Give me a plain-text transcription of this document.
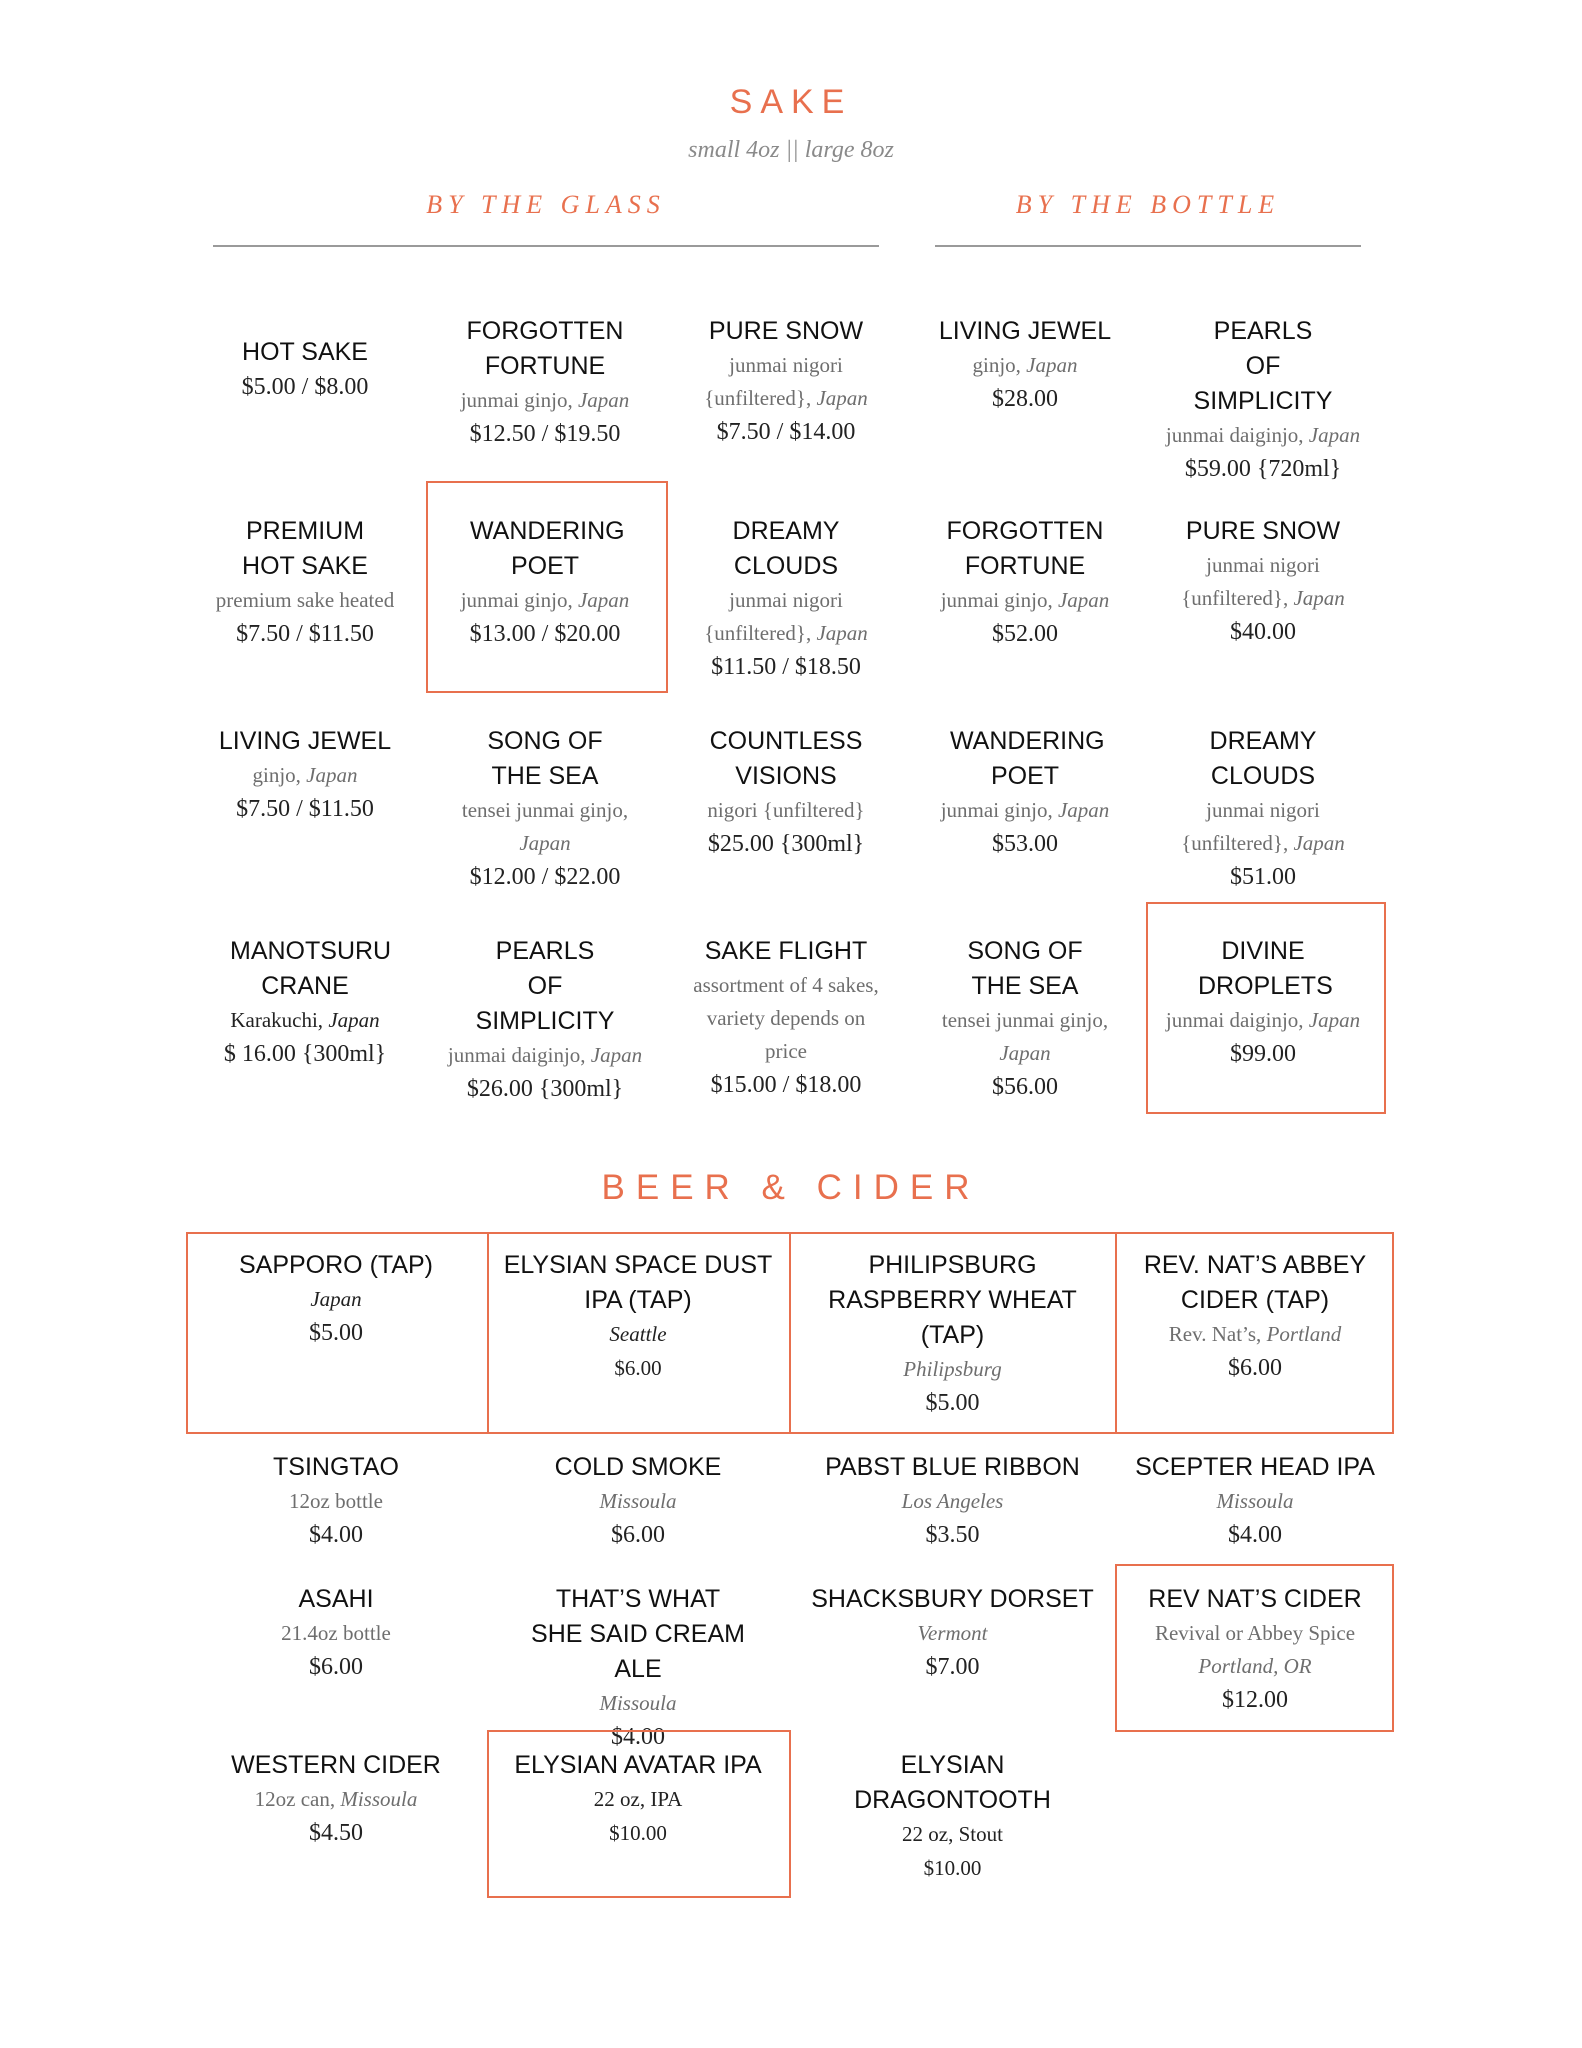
SAKE
small 4oz || large 8oz
BY THE GLASS	BY THE BOTTLE
HOT SAKE
$5.00 / $8.00
FORGOTTEN FORTUNE
junmai ginjo, Japan
$12.50 / $19.50
PURE SNOW
junmai nigori
{unfiltered}, Japan
$7.50 / $14.00
LIVING JEWEL
ginjo, Japan
$28.00
PEARLS OF SIMPLICITY
junmai daiginjo, Japan
$59.00 {720ml}
PREMIUM HOT SAKE
premium sake heated
$7.50 / $11.50
WANDERING POET
junmai ginjo, Japan
$13.00 / $20.00
DREAMY CLOUDS
junmai nigori
{unfiltered}, Japan
$11.50 / $18.50
FORGOTTEN FORTUNE
junmai ginjo, Japan
$52.00
PURE SNOW
junmai nigori
{unfiltered}, Japan
$40.00
LIVING JEWEL
ginjo, Japan
$7.50 / $11.50
SONG OF THE SEA
tensei junmai ginjo,
Japan
$12.00 / $22.00
COUNTLESS VISIONS
nigori {unfiltered}
$25.00 {300ml}
WANDERING POET
junmai ginjo, Japan
$53.00
DREAMY CLOUDS
junmai nigori
{unfiltered}, Japan
$51.00
MANOTSURU CRANE
Karakuchi, Japan
$ 16.00 {300ml}
PEARLS OF SIMPLICITY
junmai daiginjo, Japan
$26.00 {300ml}
SAKE FLIGHT
assortment of 4 sakes, variety depends on price
$15.00 / $18.00
SONG OF THE SEA
tensei junmai ginjo,
Japan
$56.00
DIVINE DROPLETS
junmai daiginjo, Japan
$99.00
BEER & CIDER
SAPPORO (TAP)
Japan
$5.00
ELYSIAN SPACE DUST IPA (TAP)
Seattle
$6.00
PHILIPSBURG RASPBERRY WHEAT (TAP)
Philipsburg
$5.00
REV. NAT’S ABBEY CIDER (TAP)
Rev. Nat’s, Portland
$6.00
TSINGTAO
12oz bottle
$4.00
COLD SMOKE
Missoula
$6.00
PABST BLUE RIBBON
Los Angeles
$3.50
SCEPTER HEAD IPA
Missoula
$4.00
ASAHI
21.4oz bottle
$6.00
THAT’S WHAT SHE SAID CREAM ALE
Missoula
$4.00
SHACKSBURY DORSET
Vermont
$7.00
REV NAT’S CIDER
Revival or Abbey Spice
Portland, OR
$12.00
WESTERN CIDER
12oz can, Missoula
$4.50
ELYSIAN AVATAR IPA
22 oz, IPA
$10.00
ELYSIAN DRAGONTOOTH
22 oz, Stout
$10.00
